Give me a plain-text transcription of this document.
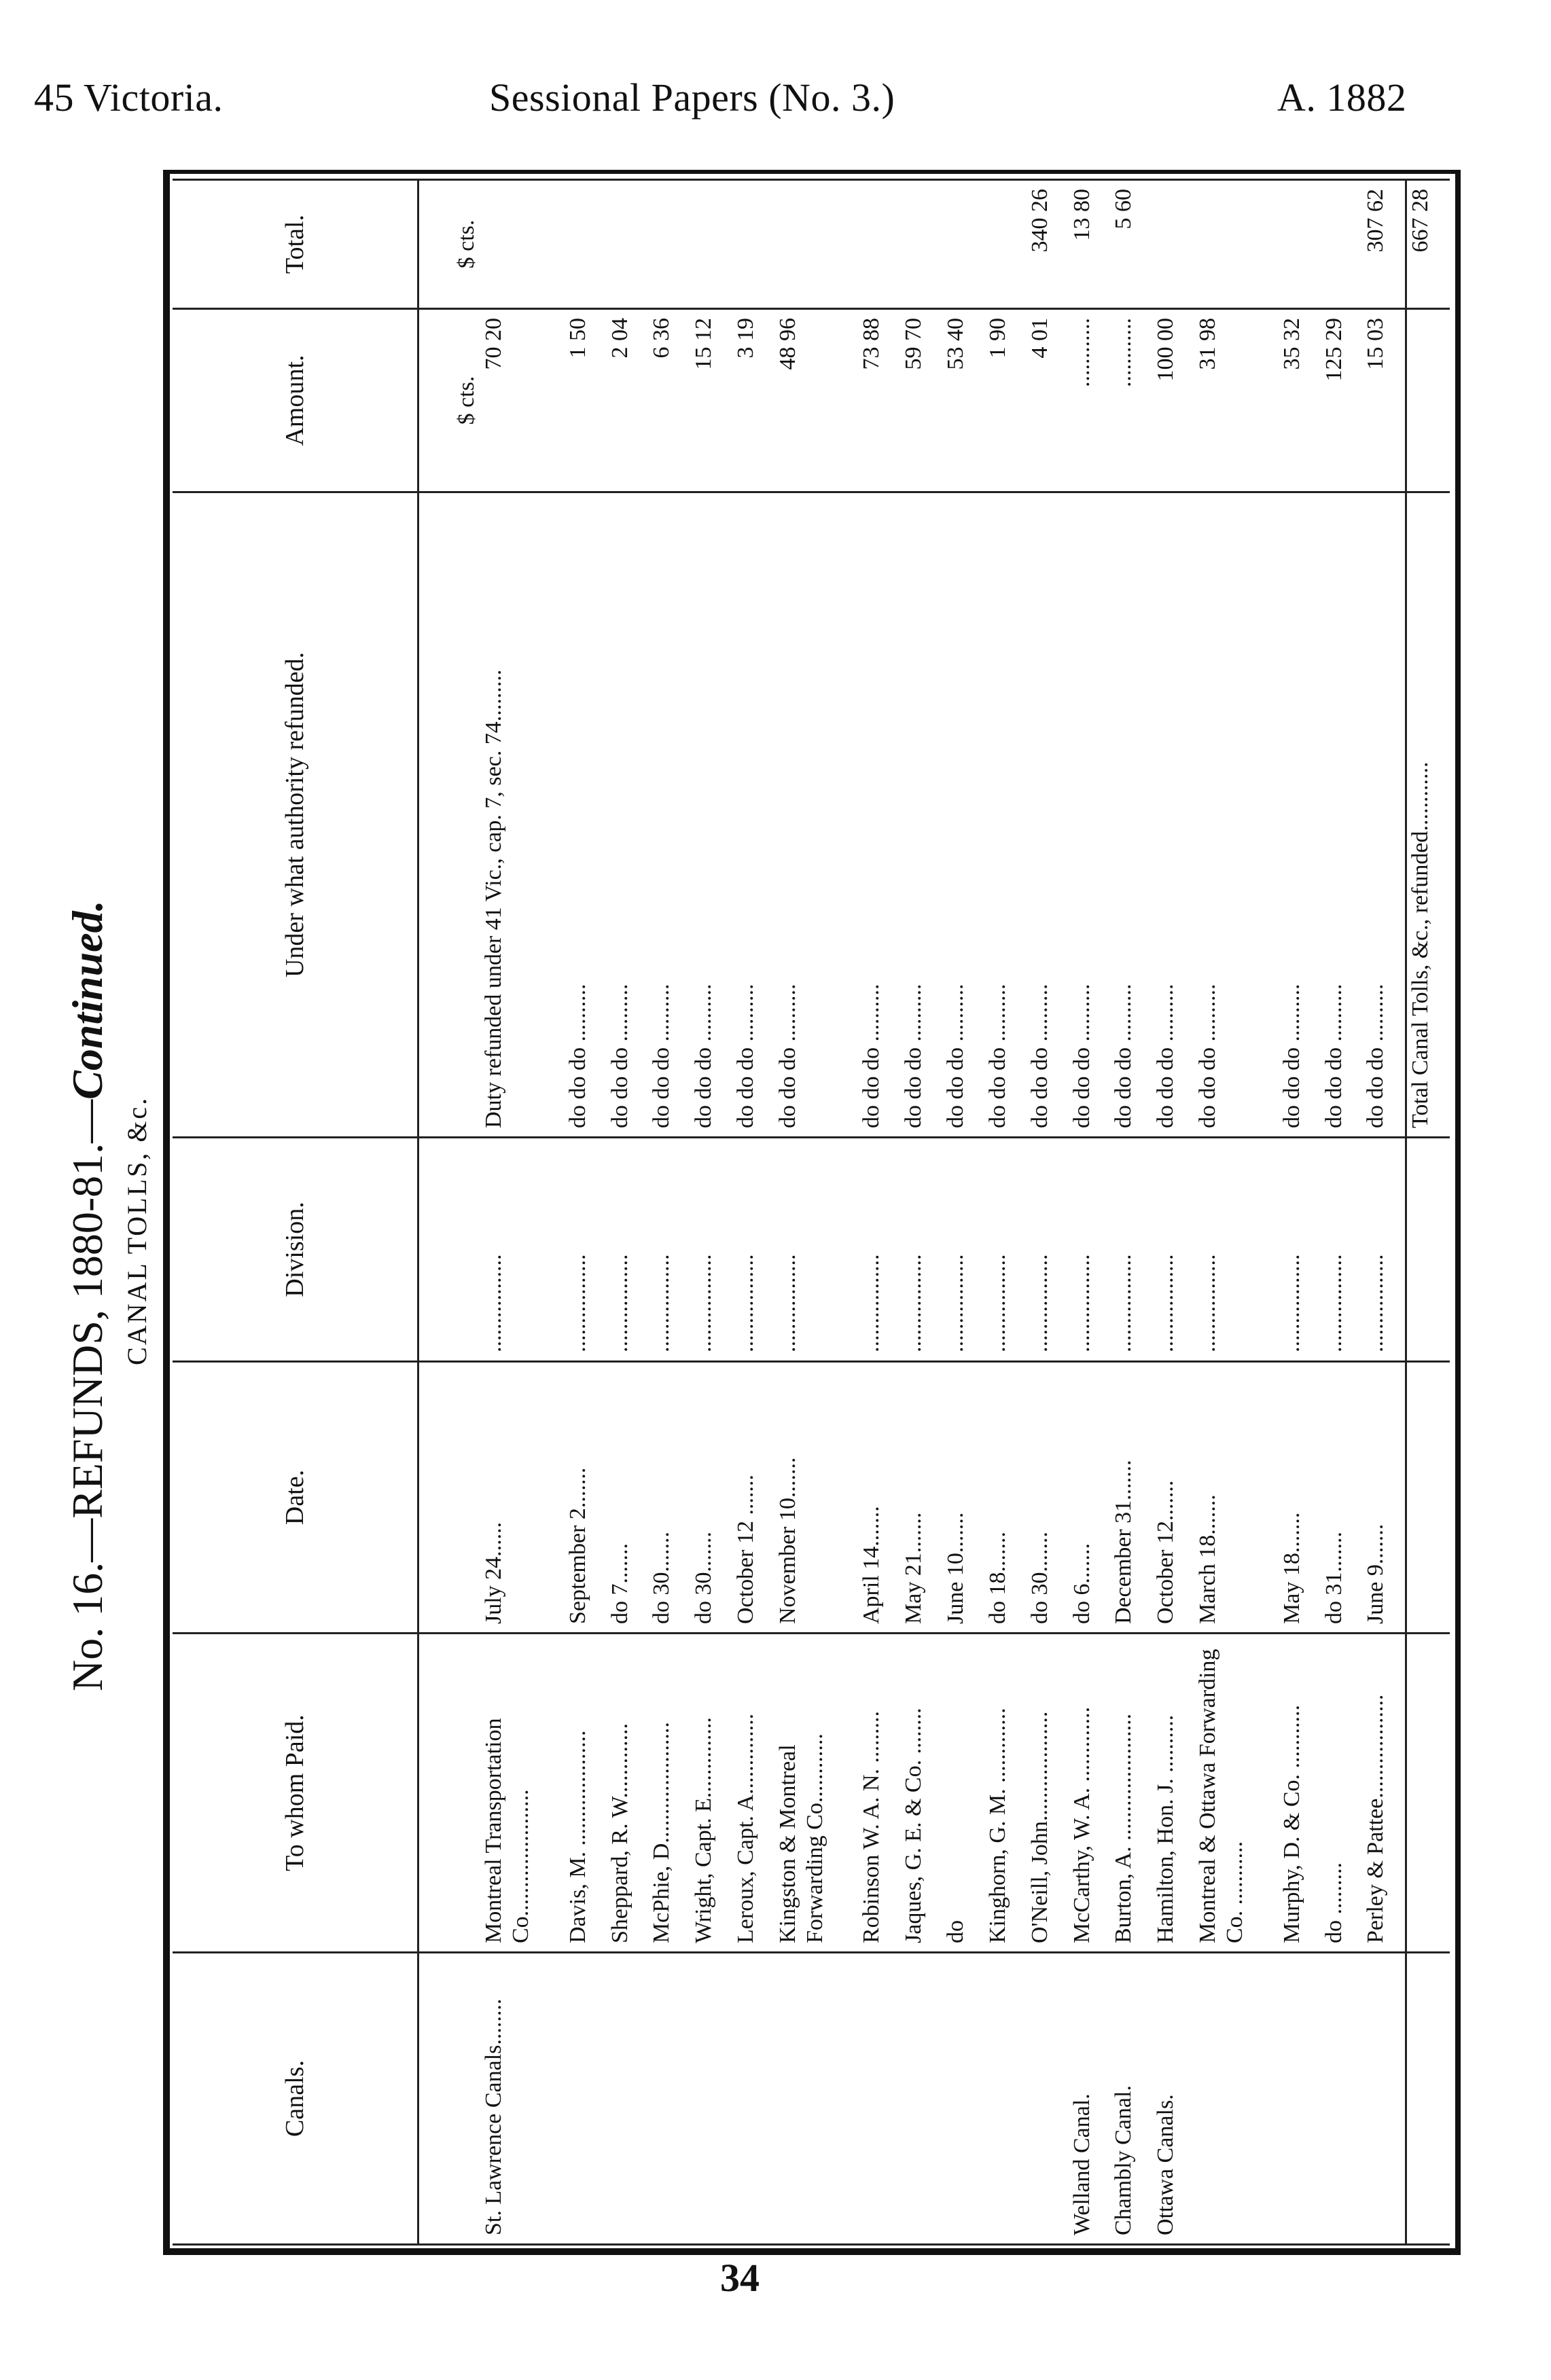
45 Victoria.	Sessional Papers (No. 3.)	A. 1882
No. 16.—REFUNDS, 1880-81.—Continued.
CANAL TOLLS, &c.
Canals.	To whom Paid.	Date.	Division.	Under what authority refunded.	Amount.	Total.
					$ cts.	$ cts.
St. Lawrence Canals........	Montreal Transportation Co......................	July 24......	.................	Duty refunded under 41 Vic., cap. 7, sec. 74.........	70 20	
	Davis, M. ....................	September 2.......	.................	do do do ..........	1 50	
	Sheppard, R. W.............	do 7.......	.................	do do do ..........	2 04	
	McPhie, D.....................	do 30.......	.................	do do do ..........	6 36	
	Wright, Capt. E..............	do 30.......	.................	do do do ..........	15 12	
	Leroux, Capt. A..............	October 12 .......	.................	do do do ..........	3 19	
	Kingston & Montreal Forwarding Co............	November 10.......	.................	do do do ..........	48 96	
	Robinson W. A. N. .........	April 14.......	.................	do do do ..........	73 88	
	Jaques, G. E. & Co. ........	May 21.......	.................	do do do ..........	59 70	
	do	June 10.......	.................	do do do ..........	53 40	
	Kinghorn, G. M. .............	do 18.......	.................	do do do ..........	1 90	
	O'Neill, John...................	do 30.......	.................	do do do ..........	4 01	340 26
Welland Canal.	McCarthy, W. A. .............	do 6.......	.................	do do do ..........	............	13 80
Chambly Canal.	Burton, A. ......................	December 31.......	.................	do do do ..........	............	5 60
Ottawa Canals.	Hamilton, Hon. J. ..........	October 12.......	.................	do do do ..........	100 00	
	Montreal & Ottawa Forwarding Co. ...........	March 18.......	.................	do do do ..........	31 98	
	Murphy, D. & Co. ...........	May 18.......	.................	do do do ..........	35 32	
	do .........	do 31.......	.................	do do do ..........	125 29	
	Perley & Pattee..................	June 9.......	.................	do do do ..........	15 03	307 62
				Total Canal Tolls, &c., refunded............		667 28
34
